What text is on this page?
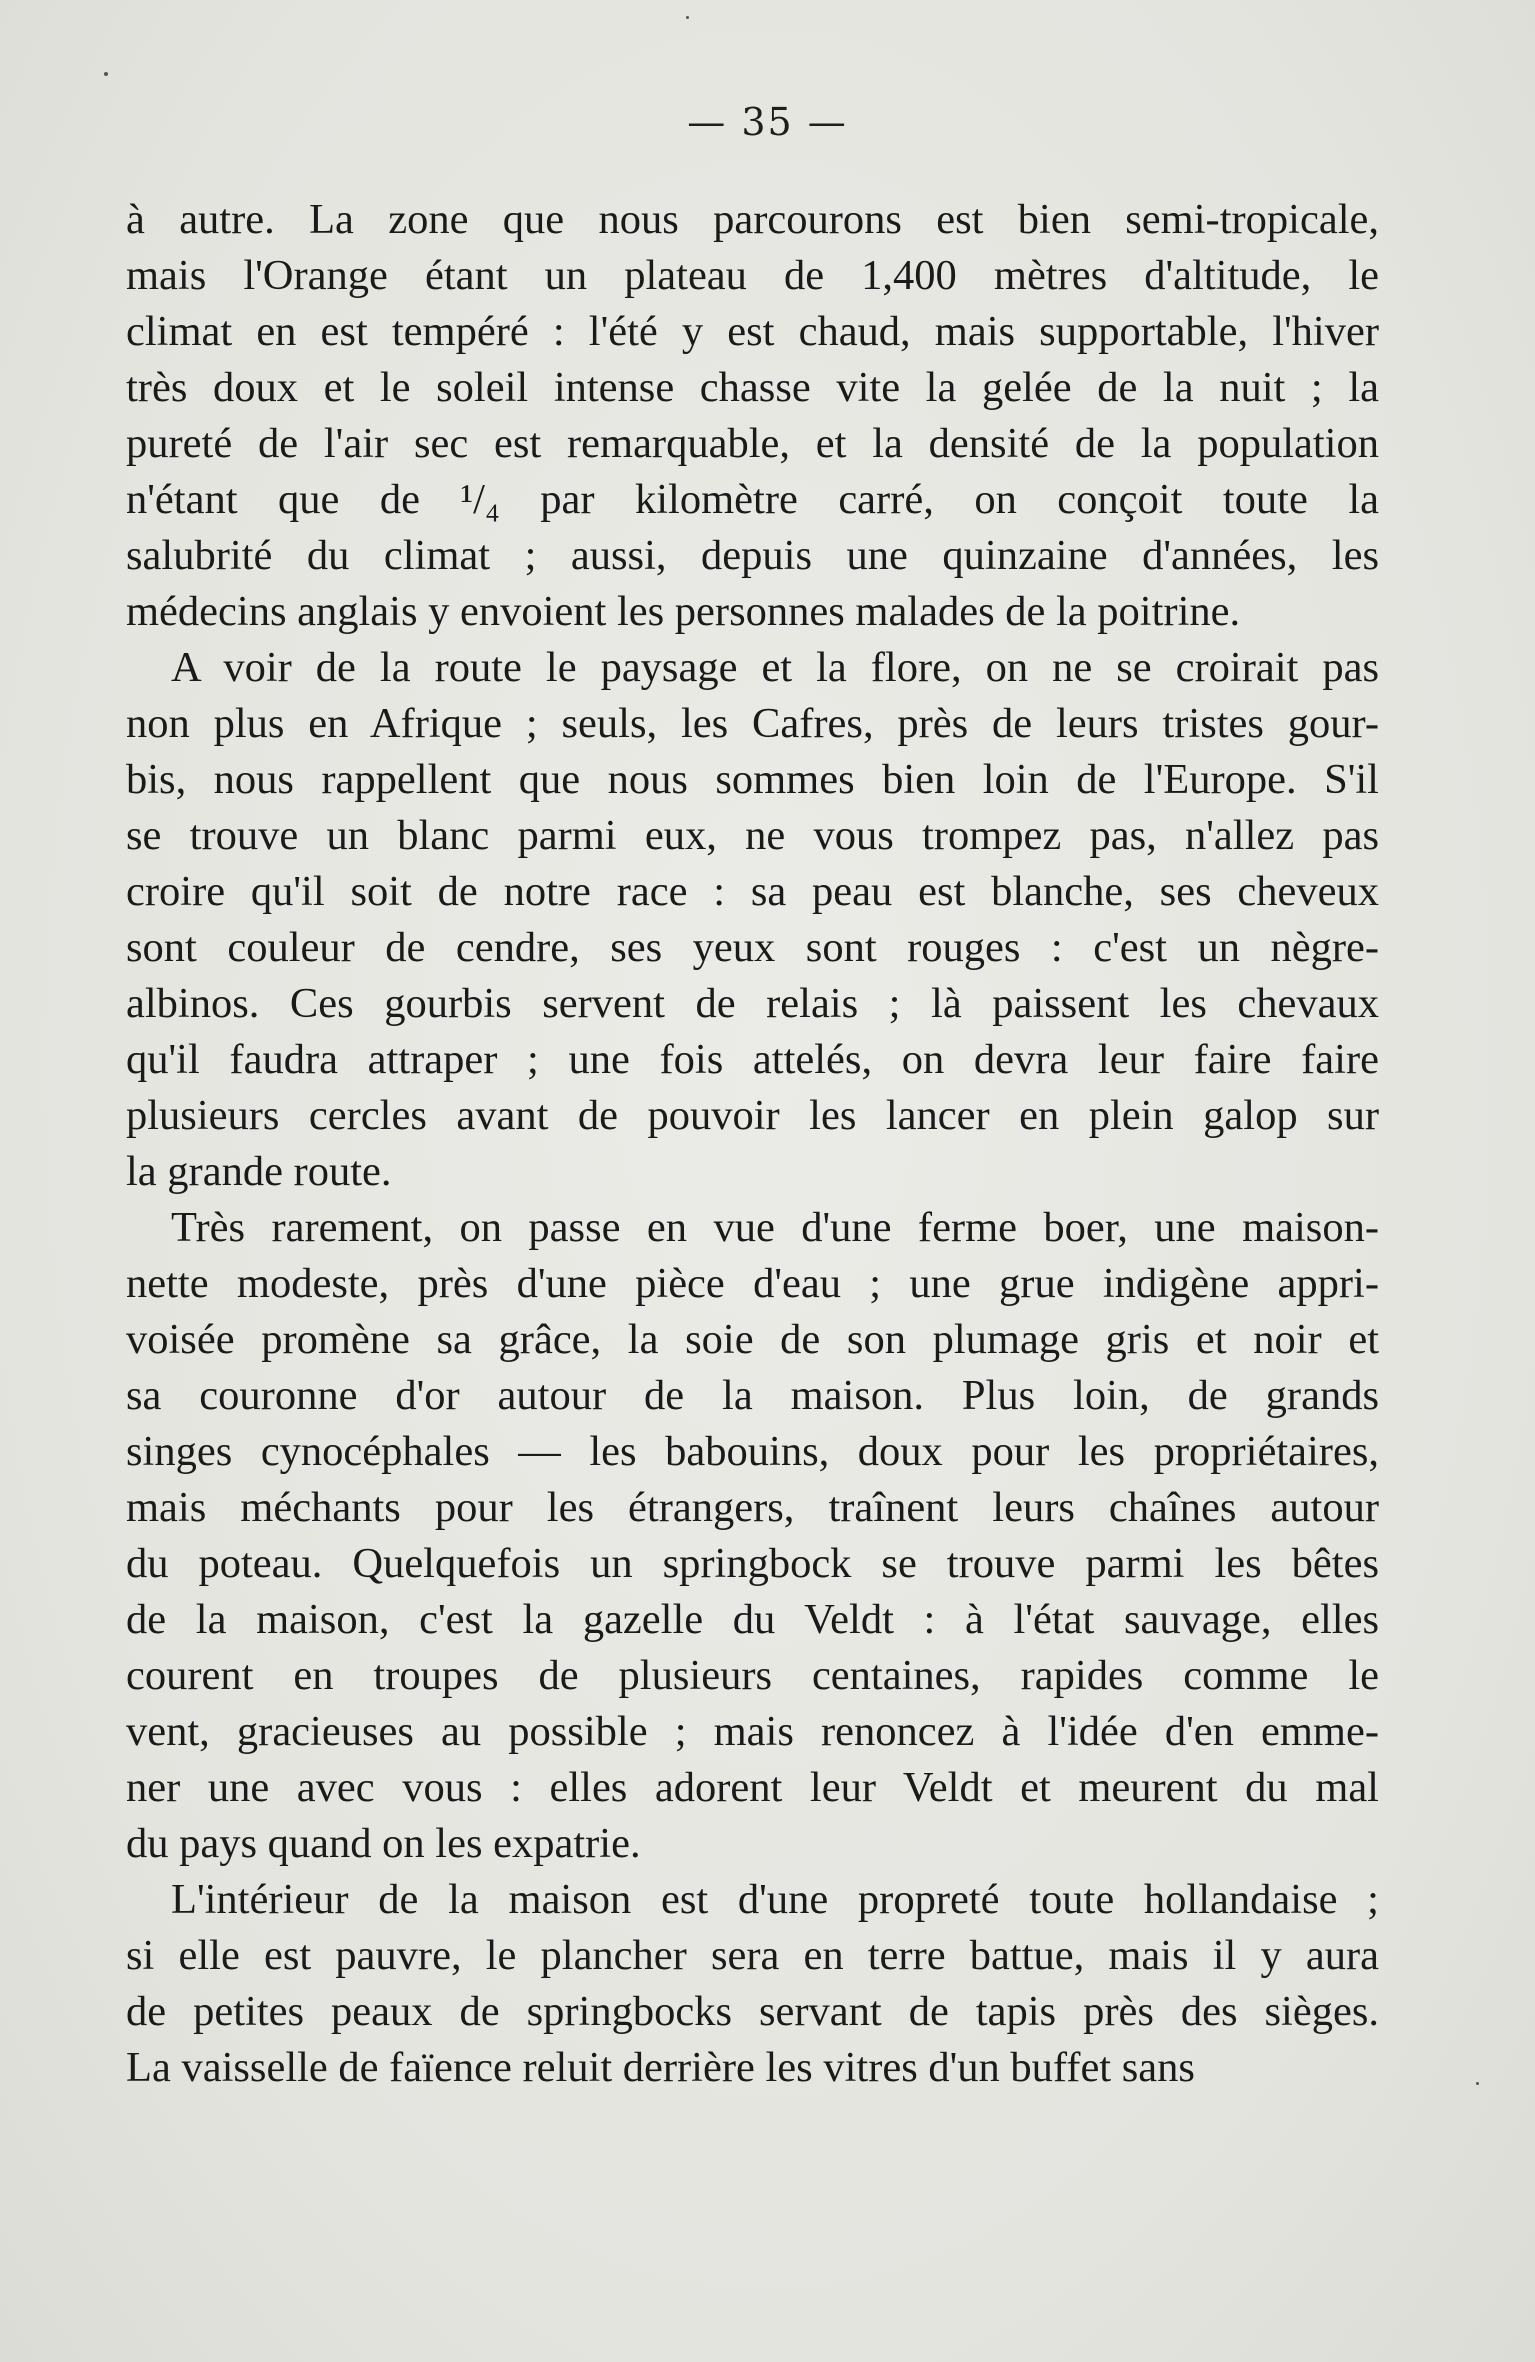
— 35 —
à autre. La zone que nous parcourons est bien semi-tropicale,
mais l'Orange étant un plateau de 1,400 mètres d'altitude, le
climat en est tempéré : l'été y est chaud, mais supportable, l'hiver
très doux et le soleil intense chasse vite la gelée de la nuit ; la
pureté de l'air sec est remarquable, et la densité de la population
n'étant que de ¹/₄ par kilomètre carré, on conçoit toute la
salubrité du climat ; aussi, depuis une quinzaine d'années, les
médecins anglais y envoient les personnes malades de la poitrine.
A voir de la route le paysage et la flore, on ne se croirait pas
non plus en Afrique ; seuls, les Cafres, près de leurs tristes gour-
bis, nous rappellent que nous sommes bien loin de l'Europe. S'il
se trouve un blanc parmi eux, ne vous trompez pas, n'allez pas
croire qu'il soit de notre race : sa peau est blanche, ses cheveux
sont couleur de cendre, ses yeux sont rouges : c'est un nègre-
albinos. Ces gourbis servent de relais ; là paissent les chevaux
qu'il faudra attraper ; une fois attelés, on devra leur faire faire
plusieurs cercles avant de pouvoir les lancer en plein galop sur
la grande route.
Très rarement, on passe en vue d'une ferme boer, une maison-
nette modeste, près d'une pièce d'eau ; une grue indigène appri-
voisée promène sa grâce, la soie de son plumage gris et noir et
sa couronne d'or autour de la maison. Plus loin, de grands
singes cynocéphales — les babouins, doux pour les propriétaires,
mais méchants pour les étrangers, traînent leurs chaînes autour
du poteau. Quelquefois un springbock se trouve parmi les bêtes
de la maison, c'est la gazelle du Veldt : à l'état sauvage, elles
courent en troupes de plusieurs centaines, rapides comme le
vent, gracieuses au possible ; mais renoncez à l'idée d'en emme-
ner une avec vous : elles adorent leur Veldt et meurent du mal
du pays quand on les expatrie.
L'intérieur de la maison est d'une propreté toute hollandaise ;
si elle est pauvre, le plancher sera en terre battue, mais il y aura
de petites peaux de springbocks servant de tapis près des sièges.
La vaisselle de faïence reluit derrière les vitres d'un buffet sans
